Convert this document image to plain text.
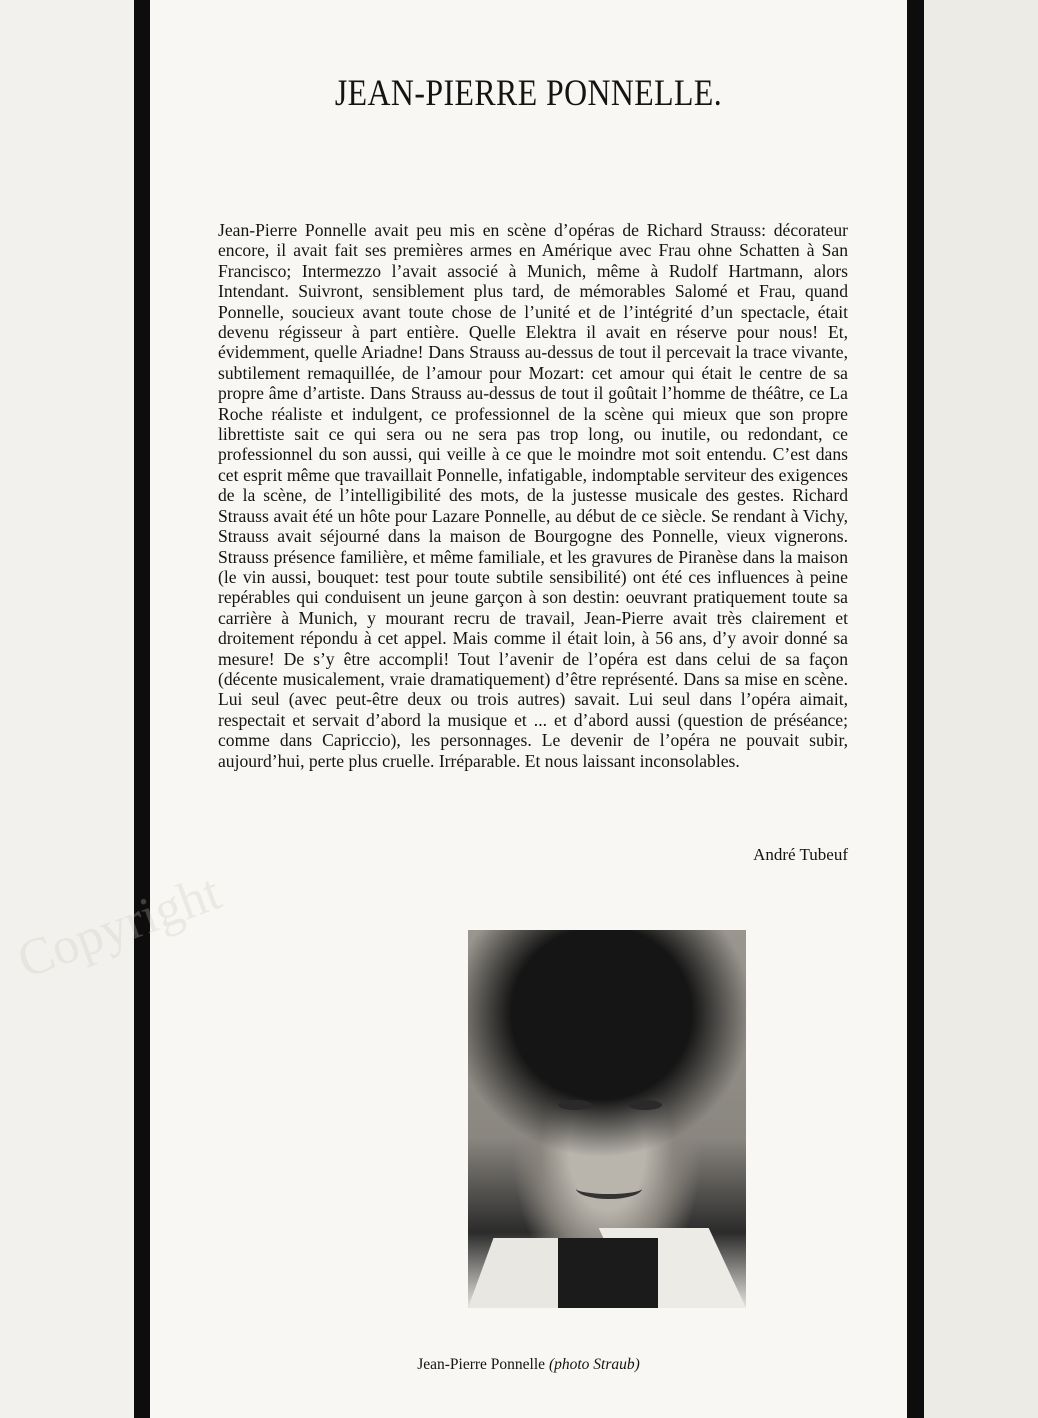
JEAN-PIERRE PONNELLE.

Jean-Pierre Ponnelle avait peu mis en scène d’opéras de Richard Strauss: décorateur encore, il avait fait ses premières armes en Amérique avec Frau ohne Schatten à San Francisco; Intermezzo l’avait associé à Munich, même à Rudolf Hartmann, alors Intendant. Suivront, sensiblement plus tard, de mémorables Salomé et Frau, quand Ponnelle, soucieux avant toute chose de l’unité et de l’intégrité d’un spectacle, était devenu régisseur à part entière. Quelle Elektra il avait en réserve pour nous! Et, évidemment, quelle Ariadne! Dans Strauss au-dessus de tout il percevait la trace vivante, subtilement remaquillée, de l’amour pour Mozart: cet amour qui était le centre de sa propre âme d’artiste. Dans Strauss au-dessus de tout il goûtait l’homme de théâtre, ce La Roche réaliste et indulgent, ce professionnel de la scène qui mieux que son propre librettiste sait ce qui sera ou ne sera pas trop long, ou inutile, ou redondant, ce professionnel du son aussi, qui veille à ce que le moindre mot soit entendu. C’est dans cet esprit même que travaillait Ponnelle, infatigable, indomptable serviteur des exigences de la scène, de l’intelligibilité des mots, de la justesse musicale des gestes. Richard Strauss avait été un hôte pour Lazare Ponnelle, au début de ce siècle. Se rendant à Vichy, Strauss avait séjourné dans la maison de Bourgogne des Ponnelle, vieux vignerons. Strauss présence familière, et même familiale, et les gravures de Piranèse dans la maison (le vin aussi, bouquet: test pour toute subtile sensibilité) ont été ces influences à peine repérables qui conduisent un jeune garçon à son destin: oeuvrant pratiquement toute sa carrière à Munich, y mourant recru de travail, Jean-Pierre avait très clairement et droitement répondu à cet appel. Mais comme il était loin, à 56 ans, d’y avoir donné sa mesure! De s’y être accompli! Tout l’avenir de l’opéra est dans celui de sa façon (décente musicalement, vraie dramatiquement) d’être représenté. Dans sa mise en scène. Lui seul (avec peut-être deux ou trois autres) savait. Lui seul dans l’opéra aimait, respectait et servait d’abord la musique et ... et d’abord aussi (question de préséance; comme dans Capriccio), les personnages. Le devenir de l’opéra ne pouvait subir, aujourd’hui, perte plus cruelle. Irréparable. Et nous laissant inconsolables.

André Tubeuf

Jean-Pierre Ponnelle (photo Straub)

Copyright
